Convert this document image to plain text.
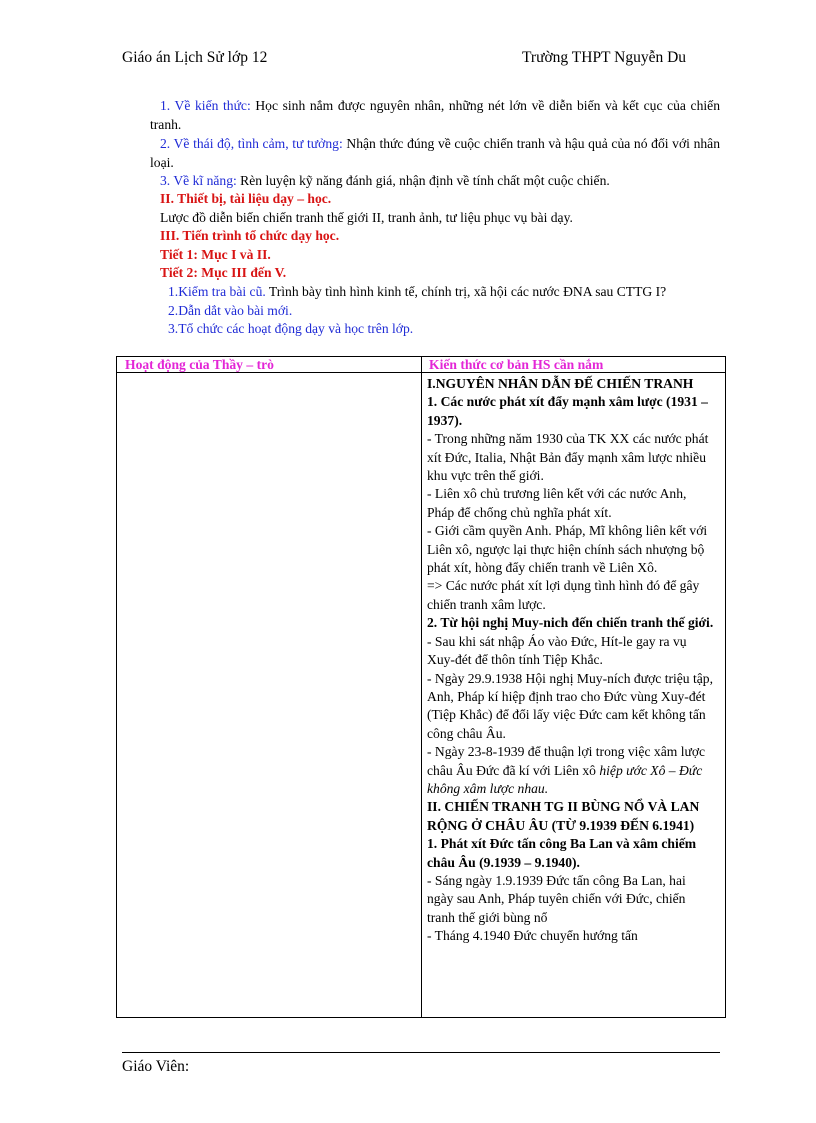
Giáo án Lịch Sử lớp 12	Trường THPT Nguyễn Du
1. Về kiến thức: Học sinh nắm được nguyên nhân, những nét lớn về diễn biến và kết cục của chiến tranh.
2. Về thái độ, tình cảm, tư tưởng: Nhận thức đúng về cuộc chiến tranh và hậu quả của nó đối với nhân loại.
3. Về kĩ năng: Rèn luyện kỹ năng đánh giá, nhận định về tính chất một cuộc chiến.
II. Thiết bị, tài liệu dạy – học.
Lược đồ diễn biến chiến tranh thế giới II, tranh ảnh, tư liệu phục vụ bài dạy.
III. Tiến trình tổ chức dạy học.
Tiết 1: Mục I và II.
Tiết 2: Mục III đến V.
1.Kiểm tra bài cũ. Trình bày tình hình kinh tế, chính trị, xã hội các nước ĐNA sau CTTG I?
2.Dẫn dắt vào bài mới.
3.Tổ chức các hoạt động dạy và học trên lớp.
Hoạt động của Thầy – trò	Kiến thức cơ bản HS cần nắm

I.NGUYÊN NHÂN DẪN ĐẾ CHIẾN TRANH

1. Các nước phát xít đẩy mạnh xâm lược (1931 – 1937).

- Trong những năm 1930 của TK XX các nước phát xít Đức, Italia, Nhật Bản đẩy mạnh xâm lược nhiều khu vực trên thế giới.

- Liên xô chủ trương liên kết với các nước Anh, Pháp để chống chủ nghĩa phát xít.

- Giới cầm quyền Anh. Pháp, Mĩ không liên kết với Liên xô, ngược lại thực hiện chính sách nhượng bộ phát xít, hòng đẩy chiến tranh về Liên Xô.

=> Các nước phát xít lợi dụng tình hình đó để gây chiến tranh xâm lược.

2. Từ hội nghị Muy-nich đến chiến tranh thế giới.

- Sau khi sát nhập Áo vào Đức, Hít-le gay ra vụ Xuy-đét để thôn tính Tiệp Khắc.

- Ngày 29.9.1938 Hội nghị Muy-ních được triệu tập, Anh, Pháp kí hiệp định trao cho Đức vùng Xuy-đét (Tiệp Khắc) để đổi lấy việc Đức cam kết không tấn công châu Âu.

- Ngày 23-8-1939 để thuận lợi trong việc xâm lược châu Âu Đức đã kí với Liên xô hiệp ước Xô – Đức không xâm lược nhau.

II. CHIẾN TRANH TG II BÙNG NỔ VÀ LAN RỘNG Ở CHÂU ÂU (TỪ 9.1939 ĐẾN 6.1941)

1. Phát xít Đức tấn công Ba Lan và xâm chiếm châu Âu (9.1939 – 9.1940).

- Sáng ngày 1.9.1939 Đức tấn công Ba Lan, hai ngày sau Anh, Pháp tuyên chiến với Đức, chiến tranh thế giới bùng nổ

- Tháng 4.1940 Đức chuyển hướng tấn

Giáo Viên:
